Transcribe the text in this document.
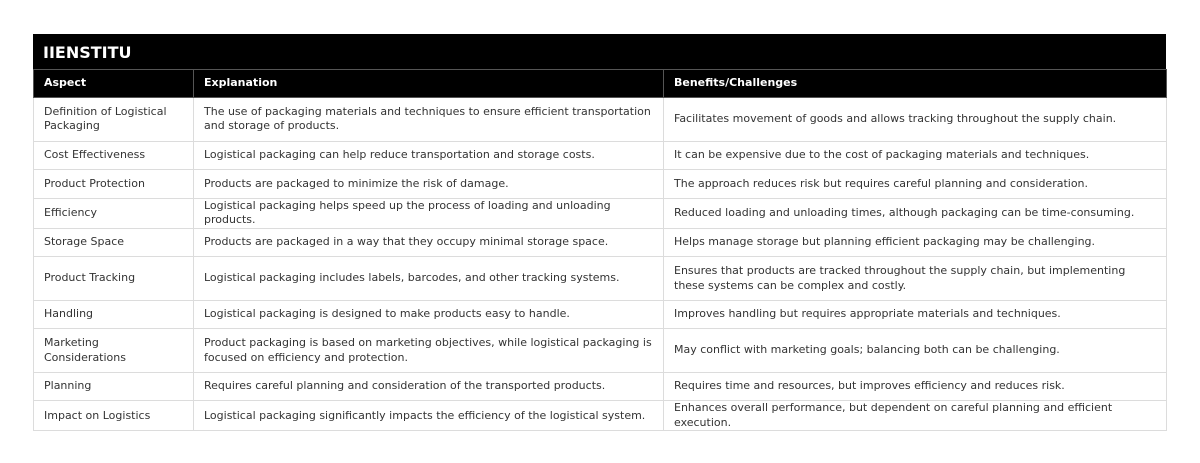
IIENSTITU
Aspect	Explanation	Benefits/Challenges
Definition of Logistical Packaging	The use of packaging materials and techniques to ensure efficient transportation and storage of products.	Facilitates movement of goods and allows tracking throughout the supply chain.
Cost Effectiveness	Logistical packaging can help reduce transportation and storage costs.	It can be expensive due to the cost of packaging materials and techniques.
Product Protection	Products are packaged to minimize the risk of damage.	The approach reduces risk but requires careful planning and consideration.
Efficiency	Logistical packaging helps speed up the process of loading and unloading products.	Reduced loading and unloading times, although packaging can be time-consuming.
Storage Space	Products are packaged in a way that they occupy minimal storage space.	Helps manage storage but planning efficient packaging may be challenging.
Product Tracking	Logistical packaging includes labels, barcodes, and other tracking systems.	Ensures that products are tracked throughout the supply chain, but implementing these systems can be complex and costly.
Handling	Logistical packaging is designed to make products easy to handle.	Improves handling but requires appropriate materials and techniques.
Marketing Considerations	Product packaging is based on marketing objectives, while logistical packaging is focused on efficiency and protection.	May conflict with marketing goals; balancing both can be challenging.
Planning	Requires careful planning and consideration of the transported products.	Requires time and resources, but improves efficiency and reduces risk.
Impact on Logistics	Logistical packaging significantly impacts the efficiency of the logistical system.	Enhances overall performance, but dependent on careful planning and efficient execution.
